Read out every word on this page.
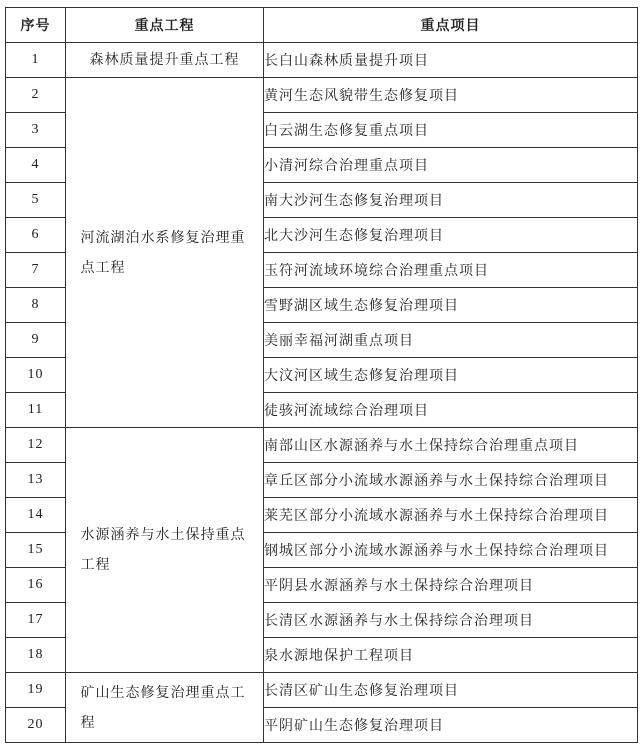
序号	重点工程	重点项目
1	森林质量提升重点工程	长白山森林质量提升项目
2	河流湖泊水系修复治理重点工程	黄河生态风貌带生态修复项目
3		白云湖生态修复重点项目
4		小清河综合治理重点项目
5		南大沙河生态修复治理项目
6		北大沙河生态修复治理项目
7		玉符河流域环境综合治理重点项目
8		雪野湖区域生态修复治理项目
9		美丽幸福河湖重点项目
10		大汶河区域生态修复治理项目
11		徒骇河流域综合治理项目
12	水源涵养与水土保持重点工程	南部山区水源涵养与水土保持综合治理重点项目
13		章丘区部分小流域水源涵养与水土保持综合治理项目
14		莱芜区部分小流域水源涵养与水土保持综合治理项目
15		钢城区部分小流域水源涵养与水土保持综合治理项目
16		平阴县水源涵养与水土保持综合治理项目
17		长清区水源涵养与水土保持综合治理项目
18		泉水源地保护工程项目
19	矿山生态修复治理重点工程	长清区矿山生态修复治理项目
20		平阴矿山生态修复治理项目
